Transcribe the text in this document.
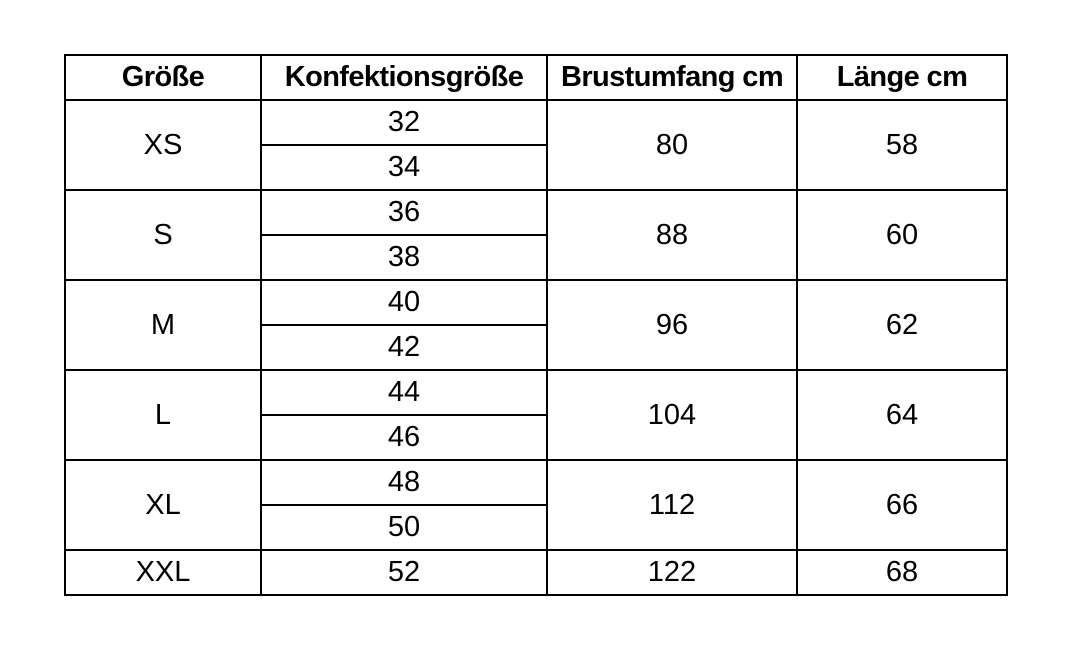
Größe	Konfektionsgröße	Brustumfang cm	Länge cm
XS	32	80	58
	34		
S	36	88	60
	38		
M	40	96	62
	42		
L	44	104	64
	46		
XL	48	112	66
	50		
XXL	52	122	68
